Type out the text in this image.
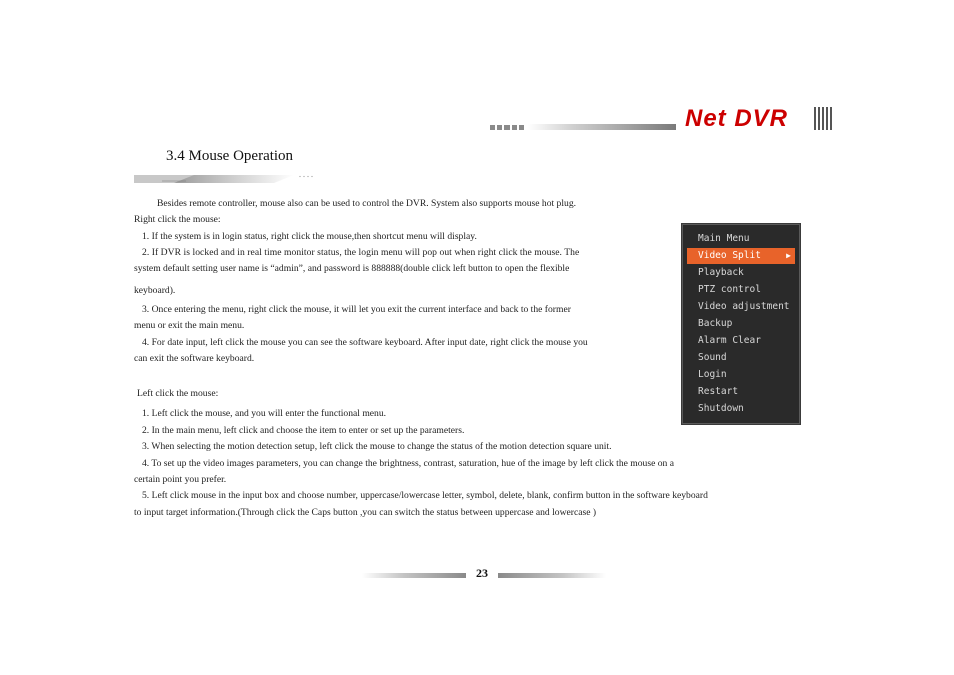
Net DVR
3.4 Mouse Operation
Besides remote controller, mouse also can be used to control the DVR. System also supports mouse hot plug.
Right click the mouse:
1. If the system is in login status, right click the mouse,then shortcut menu will display.
2. If DVR is locked and in real time monitor status, the login menu will pop out when right click the mouse. The
system default setting user name is “admin”, and password is 888888(double click left button to open the flexible
keyboard).
3. Once entering the menu, right click the mouse, it will let you exit the current interface and back to the former
menu or exit the main menu.
4. For date input, left click the mouse you can see the software keyboard. After input date, right click the mouse you
can exit the software keyboard.
Left click the mouse:
1. Left click the mouse, and you will enter the functional menu.
2. In the main menu, left click and choose the item to enter or set up the parameters.
3. When selecting the motion detection setup, left click the mouse to change the status of the motion detection square unit.
4. To set up the video images parameters, you can change the brightness, contrast, saturation, hue of the image by left click the mouse on a
certain point you prefer.
5. Left click mouse in the input box and choose number, uppercase/lowercase letter, symbol, delete, blank, confirm button in the software keyboard
to input target information.(Through click the Caps button ,you can switch the status between uppercase and lowercase )
Main Menu
Video Split	▶
Playback
PTZ control
Video adjustment
Backup
Alarm Clear
Sound
Login
Restart
Shutdown
23
